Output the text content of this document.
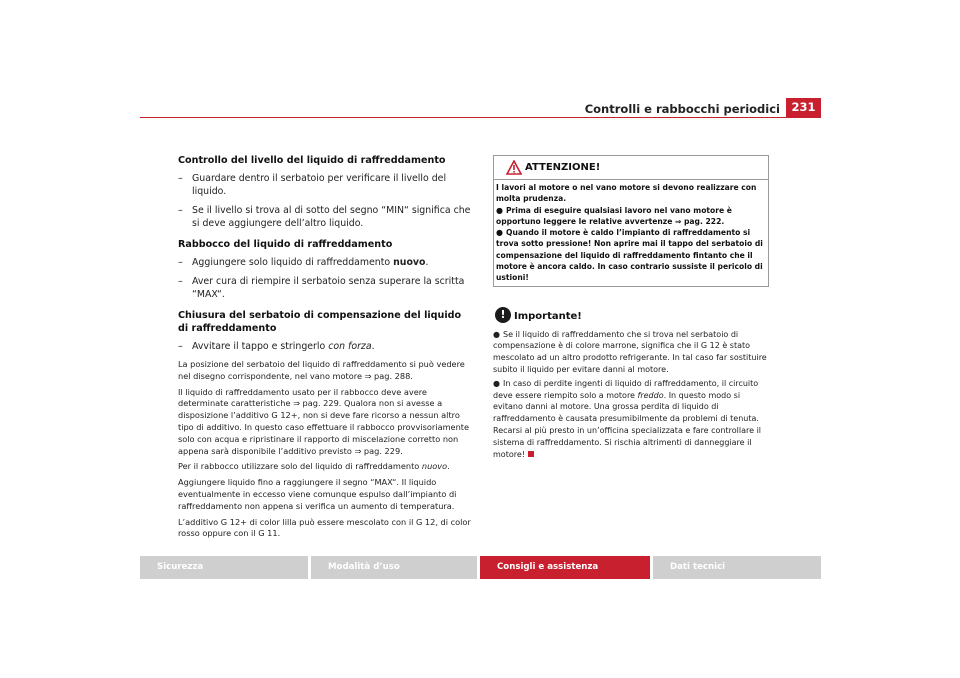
Controlli e rabbocchi periodici 231
Controllo del livello del liquido di raffreddamento
– Guardare dentro il serbatoio per verificare il livello del liquido.
– Se il livello si trova al di sotto del segno “MIN“ significa che si deve aggiungere dell’altro liquido.
Rabbocco del liquido di raffreddamento
– Aggiungere solo liquido di raffreddamento nuovo.
– Aver cura di riempire il serbatoio senza superare la scritta “MAX“.
Chiusura del serbatoio di compensazione del liquido di raffreddamento
– Avvitare il tappo e stringerlo con forza.
La posizione del serbatoio del liquido di raffreddamento si può vedere nel disegno corrispondente, nel vano motore ⇒ pag. 288.
Il liquido di raffreddamento usato per il rabbocco deve avere determinate caratteristiche ⇒ pag. 229. Qualora non si avesse a disposizione l’additivo G 12+, non si deve fare ricorso a nessun altro tipo di additivo. In questo caso effettuare il rabbocco provvisoriamente solo con acqua e ripristinare il rapporto di miscelazione corretto non appena sarà disponibile l’additivo previsto ⇒ pag. 229.
Per il rabbocco utilizzare solo del liquido di raffreddamento nuovo.
Aggiungere liquido fino a raggiungere il segno “MAX“. Il liquido eventualmente in eccesso viene comunque espulso dall’impianto di raffreddamento non appena si verifica un aumento di temperatura.
L’additivo G 12+ di color lilla può essere mescolato con il G 12, di color rosso oppure con il G 11.
ATTENZIONE!
I lavori al motore o nel vano motore si devono realizzare con molta prudenza.
● Prima di eseguire qualsiasi lavoro nel vano motore è opportuno leggere le relative avvertenze ⇒ pag. 222.
● Quando il motore è caldo l’impianto di raffreddamento si trova sotto pressione! Non aprire mai il tappo del serbatoio di compensazione del liquido di raffreddamento fintanto che il motore è ancora caldo. In caso contrario sussiste il pericolo di ustioni!
! Importante!
● Se il liquido di raffreddamento che si trova nel serbatoio di compensazione è di colore marrone, significa che il G 12 è stato mescolato ad un altro prodotto refrigerante. In tal caso far sostituire subito il liquido per evitare danni al motore.
● In caso di perdite ingenti di liquido di raffreddamento, il circuito deve essere riempito solo a motore freddo. In questo modo si evitano danni al motore. Una grossa perdita di liquido di raffreddamento è causata presumibilmente da problemi di tenuta. Recarsi al più presto in un’officina specializzata e fare controllare il sistema di raffreddamento. Si rischia altrimenti di danneggiare il motore!
Sicurezza	Modalità d’uso	Consigli e assistenza	Dati tecnici
